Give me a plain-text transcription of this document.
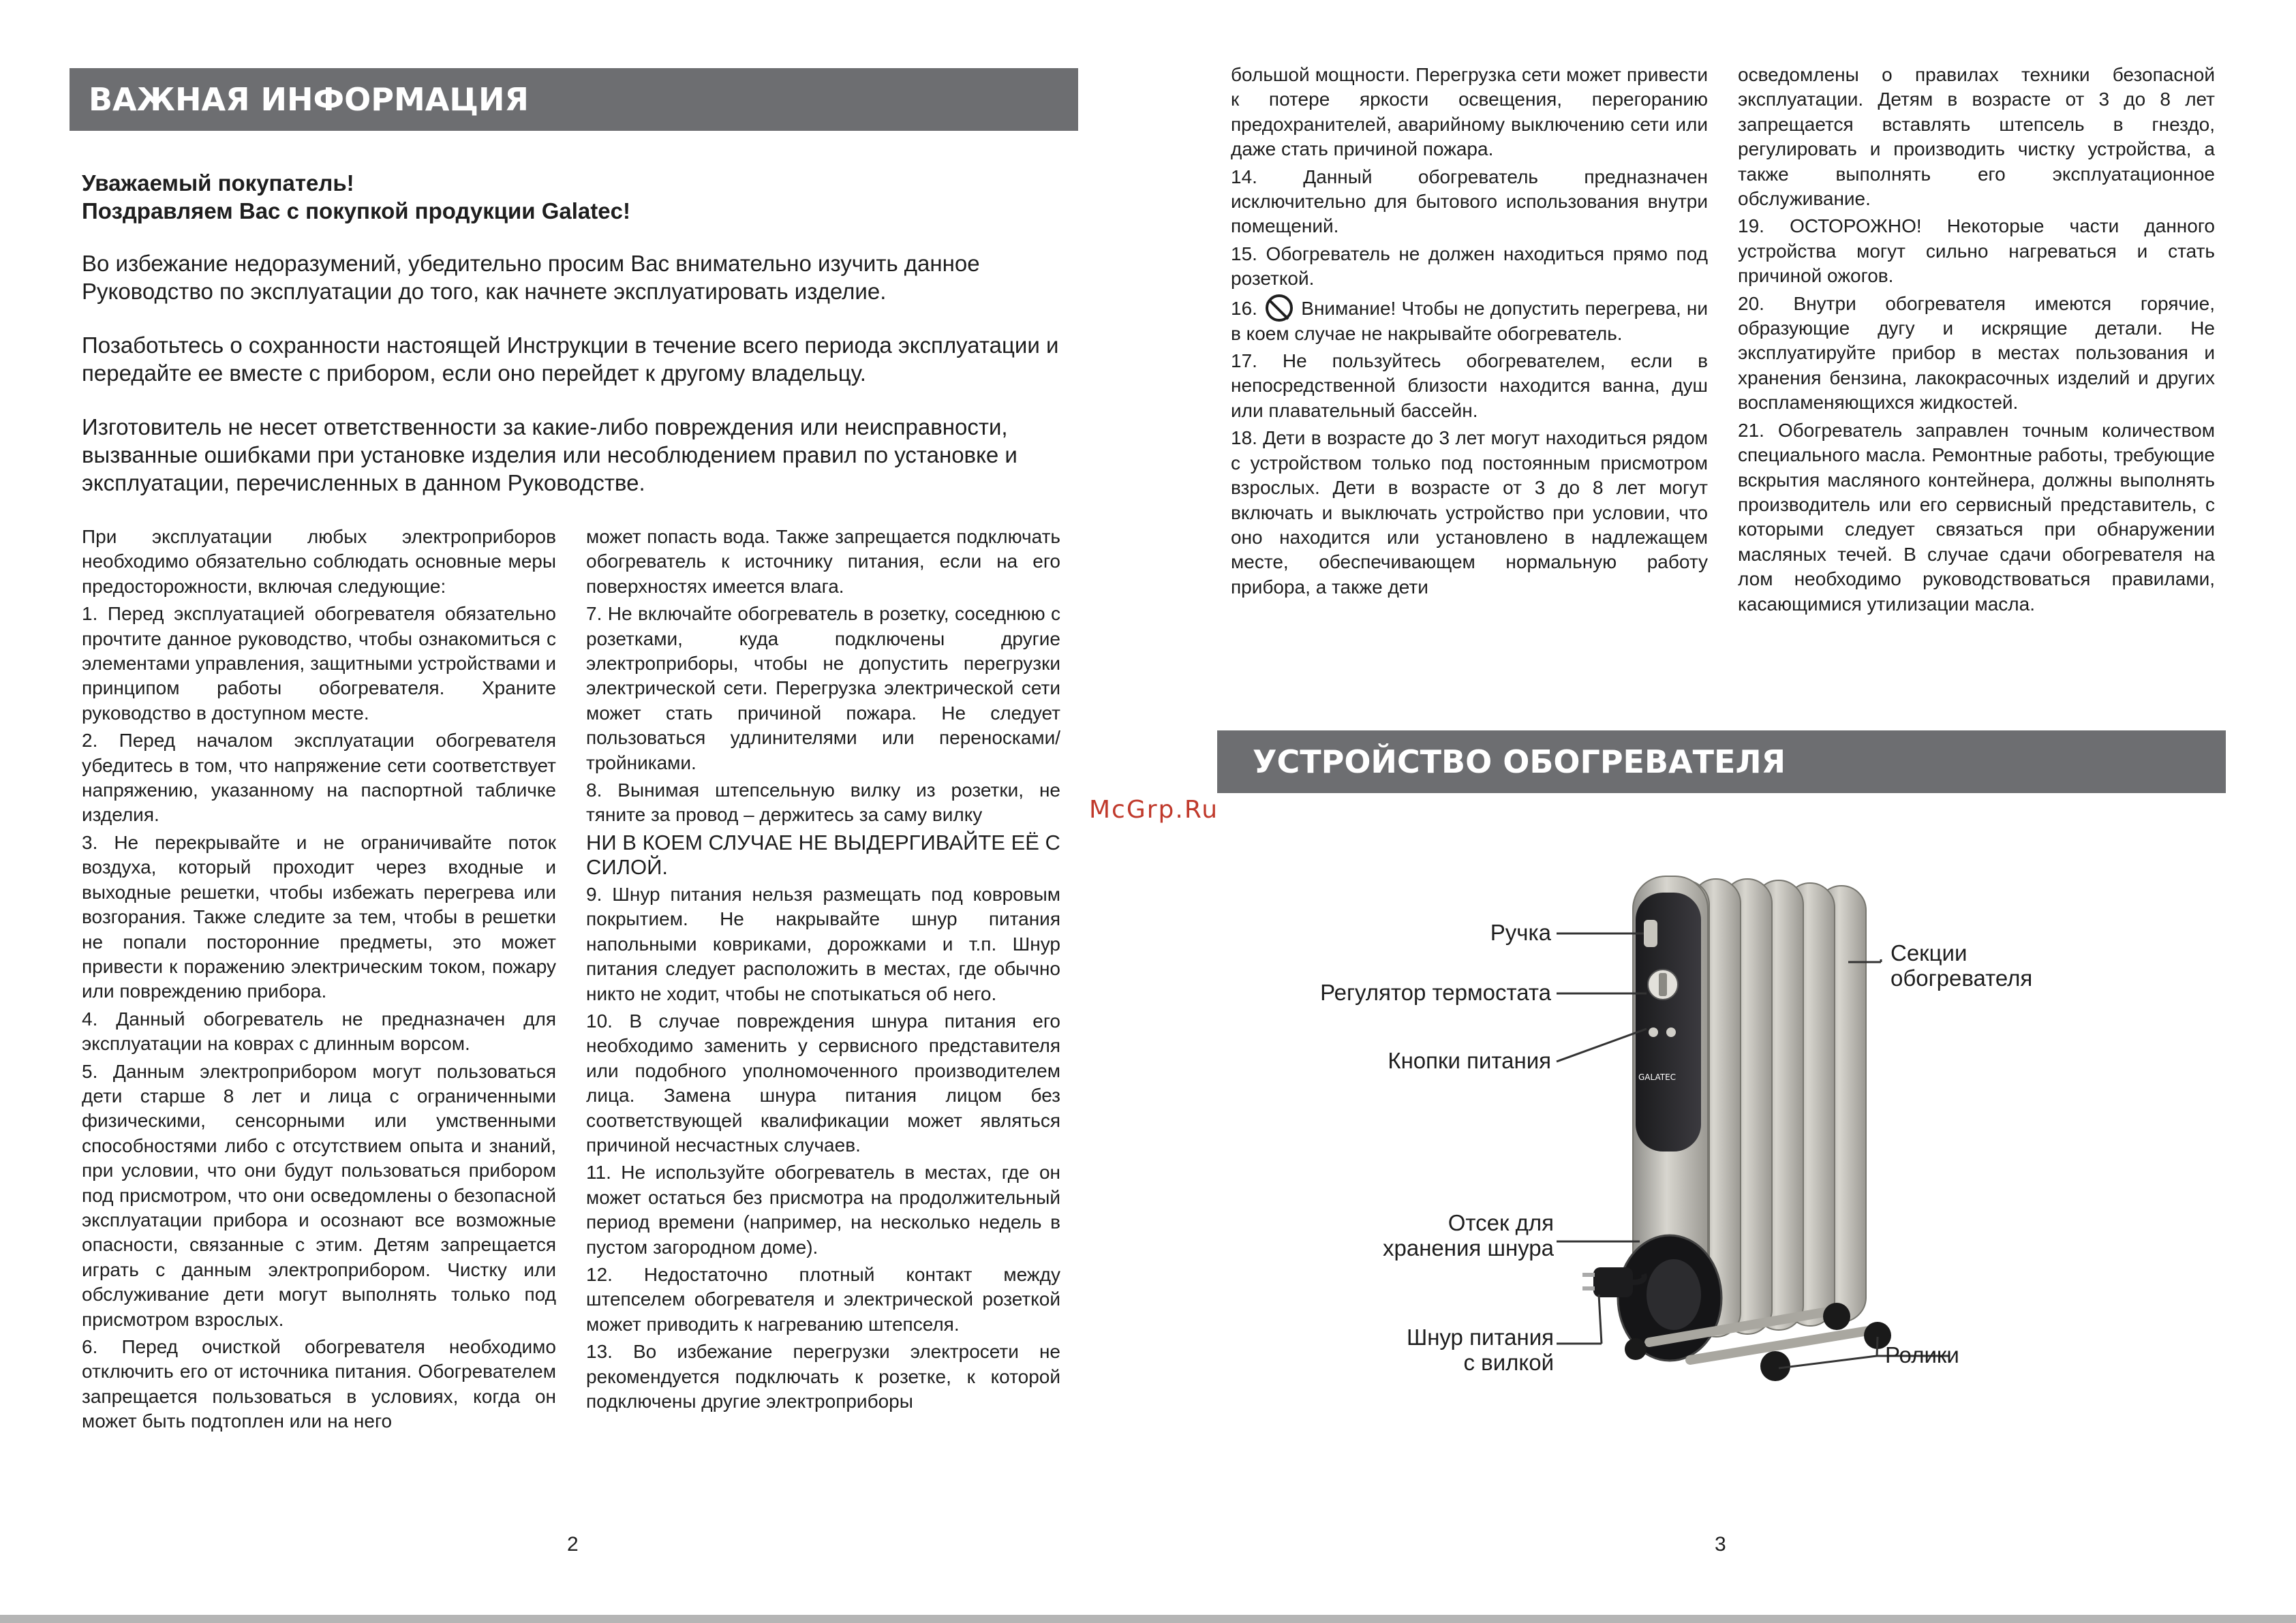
ВАЖНАЯ ИНФОРМАЦИЯ

Уважаемый покупатель!
Поздравляем Вас с покупкой продукции Galatec!

Во избежание недоразумений, убедительно просим Вас внимательно изучить данное Руководство по эксплуатации до того, как начнете эксплуатировать изделие.

Позаботьтесь о сохранности настоящей Инструкции в течение всего периода эксплуатации и передайте ее вместе с прибором, если оно перейдет к другому владельцу.

Изготовитель не несет ответственности за какие-либо повреждения или неисправности, вызванные ошибками при установке изделия или несоблюдением правил по установке и эксплуатации, перечисленных в данном Руководстве.

При эксплуатации любых электроприборов необходимо обязательно соблюдать основные меры предосторожности, включая следующие:

1. Перед эксплуатацией обогревателя обязательно прочтите данное руководство, чтобы ознакомиться с элементами управления, защитными устройствами и принципом работы обогревателя. Храните руководство в доступном месте.

2. Перед началом эксплуатации обогревателя убедитесь в том, что напряжение сети соответствует напряжению, указанному на паспортной табличке изделия.

3. Не перекрывайте и не ограничивайте поток воздуха, который проходит через входные и выходные решетки, чтобы избежать перегрева или возгорания. Также следите за тем, чтобы в решетки не попали посторонние предметы, это может привести к поражению электрическим током, пожару или повреждению прибора.

4. Данный обогреватель не предназначен для эксплуатации на коврах с длинным ворсом.

5. Данным электроприбором могут пользоваться дети старше 8 лет и лица с ограниченными физическими, сенсорными или умственными способностями либо с отсутствием опыта и знаний, при условии, что они будут пользоваться прибором под присмотром, что они осведомлены о безопасной эксплуатации прибора и осознают все возможные опасности, связанные с этим. Детям запрещается играть с данным электроприбором. Чистку или обслуживание дети могут выполнять только под присмотром взрослых.

6. Перед очисткой обогревателя необходимо отключить его от источника питания. Обогревателем запрещается пользоваться в условиях, когда он может быть подтоплен или на него

может попасть вода. Также запрещается подключать обогреватель к источнику питания, если на его поверхностях имеется влага.

7. Не включайте обогреватель в розетку, соседнюю с розетками, куда подключены другие электроприборы, чтобы не допустить перегрузки электрической сети. Перегрузка электрической сети может стать причиной пожара. Не следует пользоваться удлинителями или переносками/тройниками.

8. Вынимая штепсельную вилку из розетки, не тяните за провод – держитесь за саму вилку

НИ В КОЕМ СЛУЧАЕ НЕ ВЫДЕРГИВАЙТЕ ЕЁ С СИЛОЙ.

9. Шнур питания нельзя размещать под ковровым покрытием. Не накрывайте шнур питания напольными ковриками, дорожками и т.п. Шнур питания следует расположить в местах, где обычно никто не ходит, чтобы не спотыкаться об него.

10. В случае повреждения шнура питания его необходимо заменить у сервисного представителя или подобного уполномоченного производителем лица. Замена шнура питания лицом без соответствующей квалификации может являться причиной несчастных случаев.

11. Не используйте обогреватель в местах, где он может остаться без присмотра на продолжительный период времени (например, на несколько недель в пустом загородном доме).

12. Недостаточно плотный контакт между штепселем обогревателя и электрической розеткой может приводить к нагреванию штепселя.

13. Во избежание перегрузки электросети не рекомендуется подключать к розетке, к которой подключены другие электроприборы

2

большой мощности. Перегрузка сети может привести к потере яркости освещения, перегоранию предохранителей, аварийному выключению сети или даже стать причиной пожара.

14. Данный обогреватель предназначен исключительно для бытового использования внутри помещений.

15. Обогреватель не должен находиться прямо под розеткой.

16. Внимание! Чтобы не допустить перегрева, ни в коем случае не накрывайте обогреватель.

17. Не пользуйтесь обогревателем, если в непосредственной близости находится ванна, душ или плавательный бассейн.

18. Дети в возрасте до 3 лет могут находиться рядом с устройством только под постоянным присмотром взрослых. Дети в возрасте от 3 до 8 лет могут включать и выключать устройство при условии, что оно находится или установлено в надлежащем месте, обеспечивающем нормальную работу прибора, а также дети

осведомлены о правилах техники безопасной эксплуатации. Детям в возрасте от 3 до 8 лет запрещается вставлять штепсель в гнездо, регулировать и производить чистку устройства, а также выполнять его эксплуатационное обслуживание.

19. ОСТОРОЖНО! Некоторые части данного устройства могут сильно нагреваться и стать причиной ожогов.

20. Внутри обогревателя имеются горячие, образующие дугу и искрящие детали. Не эксплуатируйте прибор в местах пользования и хранения бензина, лакокрасочных изделий и других воспламеняющихся жидкостей.

21. Обогреватель заправлен точным количеством специального масла. Ремонтные работы, требующие вскрытия масляного контейнера, должны выполнять производитель или его сервисный представитель, с которыми следует связаться при обнаружении масляных течей. В случае сдачи обогревателя на лом необходимо руководствоваться правилами, касающимися утилизации масла.

УСТРОЙСТВО ОБОГРЕВАТЕЛЯ
McGrp.Ru
GALATEC
Ручка
Регулятор термостата
Кнопки питания
Отсек для
хранения шнура
Шнур питания
с вилкой
Секции
обогревателя
Ролики
3
